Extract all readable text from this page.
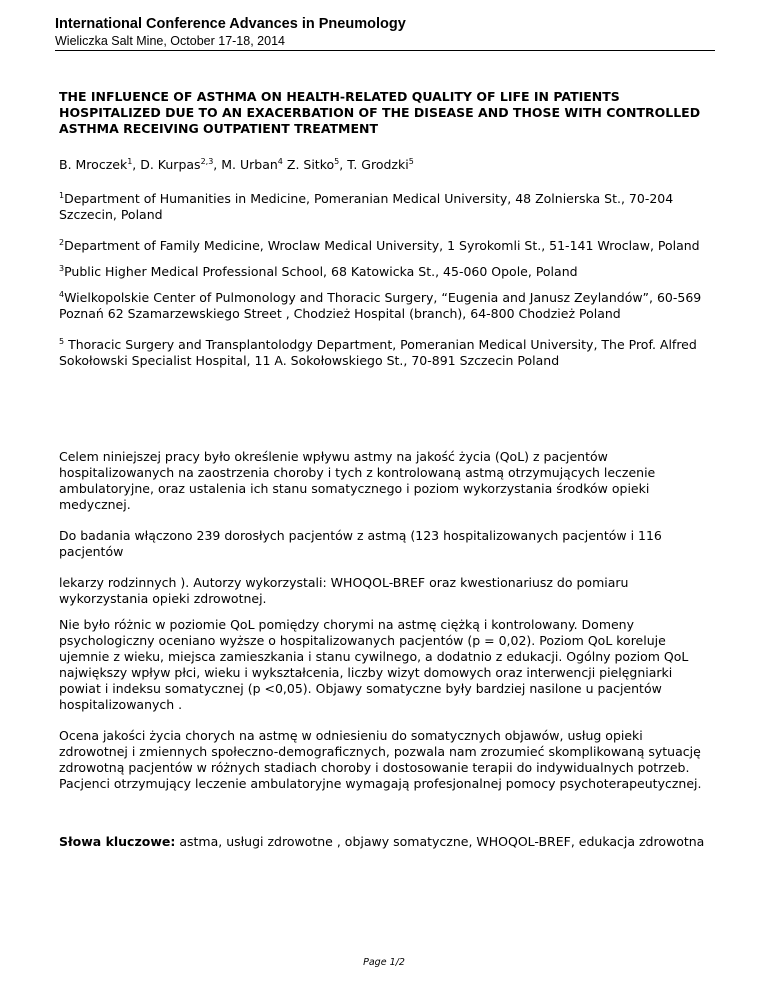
International Conference Advances in Pneumology
Wieliczka Salt Mine, October 17-18, 2014

THE INFLUENCE OF ASTHMA ON HEALTH-RELATED QUALITY OF LIFE IN PATIENTS HOSPITALIZED DUE TO AN EXACERBATION OF THE DISEASE AND THOSE WITH CONTROLLED ASTHMA RECEIVING OUTPATIENT TREATMENT

B. Mroczek$^1$, D. Kurpas$^{2,3}$, M. Urban$^4$ Z. Sitko$^5$, T. Grodzki$^5$

$^1$Department of Humanities in Medicine, Pomeranian Medical University, 48 Zolnierska St., 70-204 Szczecin, Poland

$^2$Department of Family Medicine, Wroclaw Medical University, 1 Syrokomli St., 51-141 Wroclaw, Poland

$^3$Public Higher Medical Professional School, 68 Katowicka St., 45-060 Opole, Poland

$^4$Wielkopolskie Center of Pulmonology and Thoracic Surgery, “Eugenia and Janusz Zeylandów”, 60-569 Poznań 62 Szamarzewskiego Street , Chodzież Hospital (branch), 64-800 Chodzież Poland

$^5$ Thoracic Surgery and Transplantolodgy Department, Pomeranian Medical University, The Prof. Alfred Sokołowski Specialist Hospital, 11 A. Sokołowskiego St., 70-891 Szczecin Poland

Celem niniejszej pracy było określenie wpływu astmy na jakość życia (QoL) z pacjentów hospitalizowanych na zaostrzenia choroby i tych z kontrolowaną astmą otrzymujących leczenie ambulatoryjne, oraz ustalenia ich stanu somatycznego i poziom wykorzystania środków opieki medycznej.

Do badania włączono 239 dorosłych pacjentów z astmą (123 hospitalizowanych pacjentów i 116 pacjentów

lekarzy rodzinnych ). Autorzy wykorzystali: WHOQOL-BREF oraz kwestionariusz do pomiaru wykorzystania opieki zdrowotnej.

Nie było różnic w poziomie QoL pomiędzy chorymi na astmę ciężką i kontrolowany. Domeny psychologiczny oceniano wyższe o hospitalizowanych pacjentów (p = 0,02). Poziom QoL koreluje ujemnie z wieku, miejsca zamieszkania i stanu cywilnego, a dodatnio z edukacji. Ogólny poziom QoL największy wpływ płci, wieku i wykształcenia, liczby wizyt domowych oraz interwencji pielęgniarki powiat i indeksu somatycznej (p <0,05). Objawy somatyczne były bardziej nasilone u pacjentów hospitalizowanych .

Ocena jakości życia chorych na astmę w odniesieniu do somatycznych objawów, usług opieki zdrowotnej i zmiennych społeczno-demograficznych, pozwala nam zrozumieć skomplikowaną sytuację zdrowotną pacjentów w różnych stadiach choroby i dostosowanie terapii do indywidualnych potrzeb. Pacjenci otrzymujący leczenie ambulatoryjne wymagają profesjonalnej pomocy psychoterapeutycznej.

Słowa kluczowe: astma, usługi zdrowotne , objawy somatyczne, WHOQOL-BREF, edukacja zdrowotna

Page 1/2
